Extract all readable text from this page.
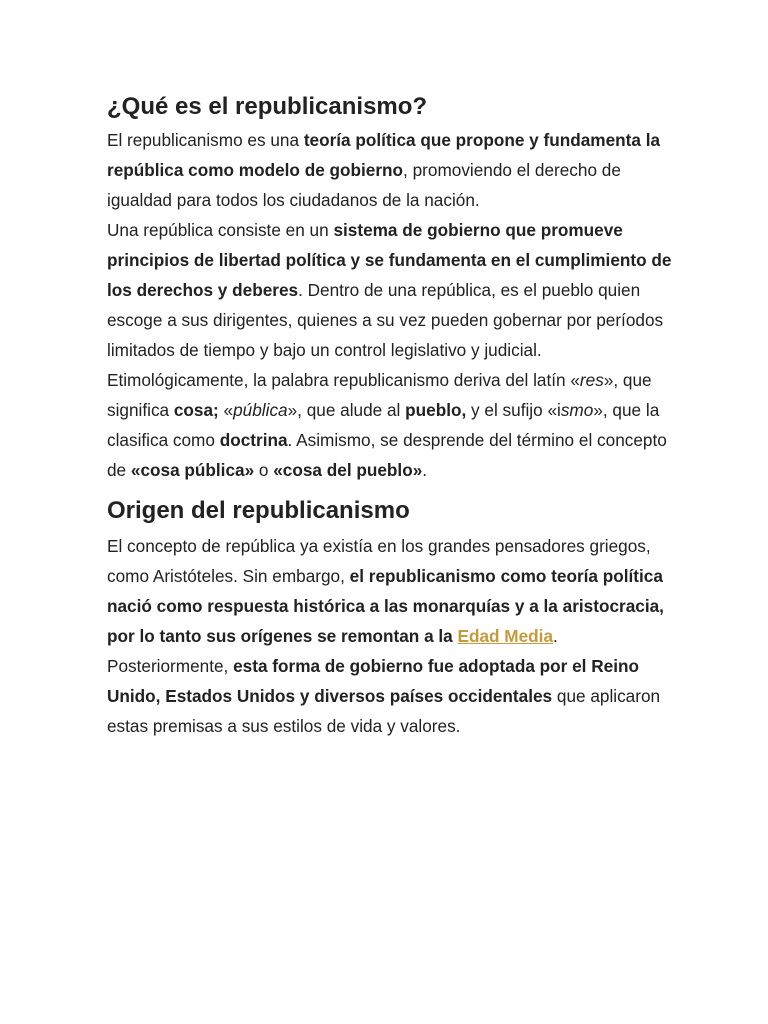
¿Qué es el republicanismo?

El republicanismo es una teoría política que propone y fundamenta la república como modelo de gobierno, promoviendo el derecho de igualdad para todos los ciudadanos de la nación.

Una república consiste en un sistema de gobierno que promueve principios de libertad política y se fundamenta en el cumplimiento de los derechos y deberes. Dentro de una república, es el pueblo quien escoge a sus dirigentes, quienes a su vez pueden gobernar por períodos limitados de tiempo y bajo un control legislativo y judicial.

Etimológicamente, la palabra republicanismo deriva del latín «res», que significa cosa; «pública», que alude al pueblo, y el sufijo «ismo», que la clasifica como doctrina. Asimismo, se desprende del término el concepto de «cosa pública» o «cosa del pueblo».

Origen del republicanismo

El concepto de república ya existía en los grandes pensadores griegos, como Aristóteles. Sin embargo, el republicanismo como teoría política nació como respuesta histórica a las monarquías y a la aristocracia, por lo tanto sus orígenes se remontan a la Edad Media.

Posteriormente, esta forma de gobierno fue adoptada por el Reino Unido, Estados Unidos y diversos países occidentales que aplicaron estas premisas a sus estilos de vida y valores.
